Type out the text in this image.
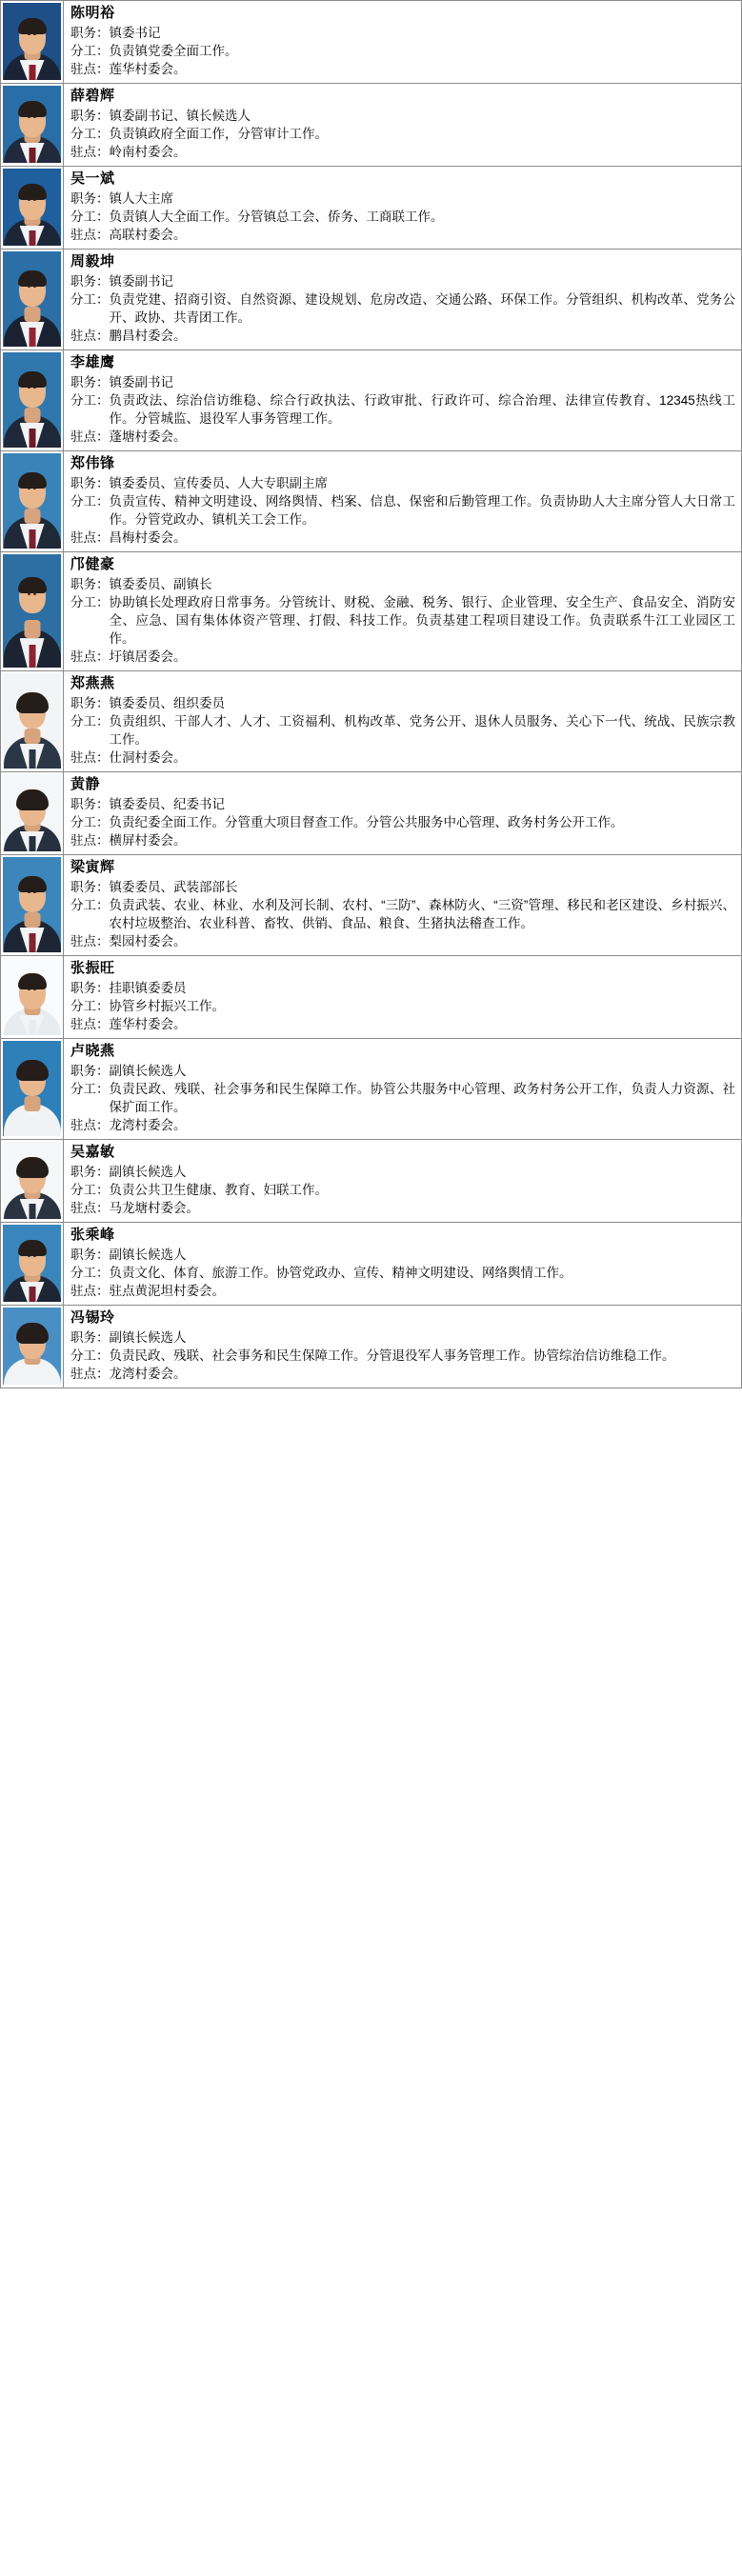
陈明裕
职务： 镇委书记
分工： 负责镇党委全面工作。
驻点： 莲华村委会。
薛碧辉
职务： 镇委副书记、镇长候选人
分工： 负责镇政府全面工作，分管审计工作。
驻点： 岭南村委会。
吴一斌
职务： 镇人大主席
分工： 负责镇人大全面工作。分管镇总工会、侨务、工商联工作。
驻点： 高联村委会。
周毅坤
职务： 镇委副书记
分工： 负责党建、招商引资、自然资源、建设规划、危房改造、交通公路、环保工作。分管组织、机构改革、党务公开、政协、共青团工作。
驻点： 鹏昌村委会。
李雄鹰
职务： 镇委副书记
分工： 负责政法、综治信访维稳、综合行政执法、行政审批、行政许可、综合治理、法律宣传教育、12345热线工作。分管城监、退役军人事务管理工作。
驻点： 蓬塘村委会。
郑伟锋
职务： 镇委委员、宣传委员、人大专职副主席
分工： 负责宣传、精神文明建设、网络舆情、档案、信息、保密和后勤管理工作。负责协助人大主席分管人大日常工作。分管党政办、镇机关工会工作。
驻点： 昌梅村委会。
邝健豪
职务： 镇委委员、副镇长
分工： 协助镇长处理政府日常事务。分管统计、财税、金融、税务、银行、企业管理、安全生产、食品安全、消防安全、应急、国有集体体资产管理、打假、科技工作。负责基建工程项目建设工作。负责联系牛江工业园区工作。
驻点： 圩镇居委会。
郑燕燕
职务： 镇委委员、组织委员
分工： 负责组织、干部人才、人才、工资福利、机构改革、党务公开、退休人员服务、关心下一代、统战、民族宗教工作。
驻点： 仕洞村委会。
黄静
职务： 镇委委员、纪委书记
分工： 负责纪委全面工作。分管重大项目督查工作。分管公共服务中心管理、政务村务公开工作。
驻点： 横屏村委会。
梁寅辉
职务： 镇委委员、武装部部长
分工： 负责武装、农业、林业、水利及河长制、农村、“三防”、森林防火、“三资”管理、移民和老区建设、乡村振兴、农村垃圾整治、农业科普、畜牧、供销、食品、粮食、生猪执法稽查工作。
驻点： 梨园村委会。
张振旺
职务： 挂职镇委委员
分工： 协管乡村振兴工作。
驻点： 莲华村委会。
卢晓燕
职务： 副镇长候选人
分工： 负责民政、残联、社会事务和民生保障工作。协管公共服务中心管理、政务村务公开工作，负责人力资源、社保扩面工作。
驻点： 龙湾村委会。
吴嘉敏
职务： 副镇长候选人
分工： 负责公共卫生健康、教育、妇联工作。
驻点： 马龙塘村委会。
张乘峰
职务： 副镇长候选人
分工： 负责文化、体育、旅游工作。协管党政办、宣传、精神文明建设、网络舆情工作。
驻点： 驻点黄泥坦村委会。
冯锡玲
职务： 副镇长候选人
分工： 负责民政、残联、社会事务和民生保障工作。分管退役军人事务管理工作。协管综治信访维稳工作。
驻点： 龙湾村委会。
